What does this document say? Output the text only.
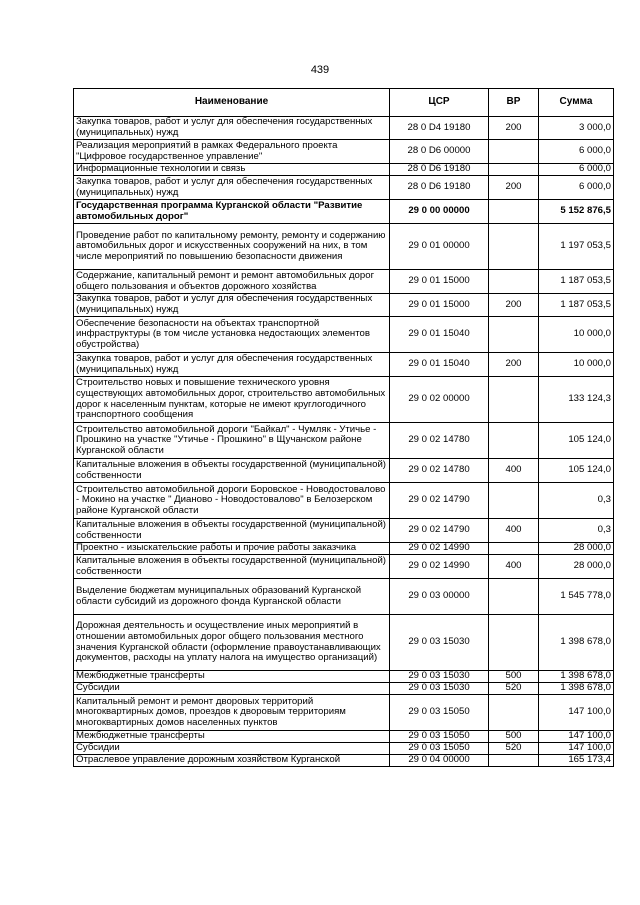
439
Наименование	ЦСР	ВР	Сумма
Закупка товаров, работ и услуг для обеспечения государственных (муниципальных) нужд	28 0 D4 19180	200	3 000,0
Реализация мероприятий в рамках Федерального проекта "Цифровое государственное управление"	28 0 D6 00000		6 000,0
Информационные технологии и связь	28 0 D6 19180		6 000,0
Закупка товаров, работ и услуг для обеспечения государственных (муниципальных) нужд	28 0 D6 19180	200	6 000,0
Государственная программа Курганской области "Развитие автомобильных дорог"	29 0 00 00000		5 152 876,5
Проведение работ по капитальному ремонту, ремонту и содержанию автомобильных дорог и искусственных сооружений на них, в том числе мероприятий по повышению безопасности движения	29 0 01 00000		1 197 053,5
Содержание, капитальный ремонт и ремонт автомобильных дорог общего пользования и объектов дорожного хозяйства	29 0 01 15000		1 187 053,5
Закупка товаров, работ и услуг для обеспечения государственных (муниципальных) нужд	29 0 01 15000	200	1 187 053,5
Обеспечение безопасности на объектах транспортной инфраструктуры (в том числе установка недостающих элементов обустройства)	29 0 01 15040		10 000,0
Закупка товаров, работ и услуг для обеспечения государственных (муниципальных) нужд	29 0 01 15040	200	10 000,0
Строительство новых и повышение технического уровня существующих автомобильных дорог, строительство автомобильных дорог к населенным пунктам, которые не имеют круглогодичного транспортного сообщения	29 0 02 00000		133 124,3
Строительство автомобильной дороги "Байкал" - Чумляк - Утичье - Прошкино на участке "Утичье - Прошкино" в Щучанском районе Курганской области	29 0 02 14780		105 124,0
Капитальные вложения в объекты государственной (муниципальной) собственности	29 0 02 14780	400	105 124,0
Строительство автомобильной дороги Боровское - Новодостовалово - Мокино на участке " Дианово - Новодостовалово" в Белозерском районе Курганской области	29 0 02 14790		0,3
Капитальные вложения в объекты государственной (муниципальной) собственности	29 0 02 14790	400	0,3
Проектно - изыскательские работы и прочие работы заказчика	29 0 02 14990		28 000,0
Капитальные вложения в объекты государственной (муниципальной) собственности	29 0 02 14990	400	28 000,0
Выделение бюджетам муниципальных образований Курганской области субсидий из дорожного фонда Курганской области	29 0 03 00000		1 545 778,0
Дорожная деятельность и осуществление иных мероприятий в отношении автомобильных дорог общего пользования местного значения Курганской области (оформление правоустанавливающих документов, расходы на уплату налога на имущество организаций)	29 0 03 15030		1 398 678,0
Межбюджетные трансферты	29 0 03 15030	500	1 398 678,0
Субсидии	29 0 03 15030	520	1 398 678,0
Капитальный ремонт и ремонт дворовых территорий многоквартирных домов, проездов к дворовым территориям многоквартирных домов населенных пунктов	29 0 03 15050		147 100,0
Межбюджетные трансферты	29 0 03 15050	500	147 100,0
Субсидии	29 0 03 15050	520	147 100,0
Отраслевое управление дорожным хозяйством Курганской	29 0 04 00000		165 173,4
